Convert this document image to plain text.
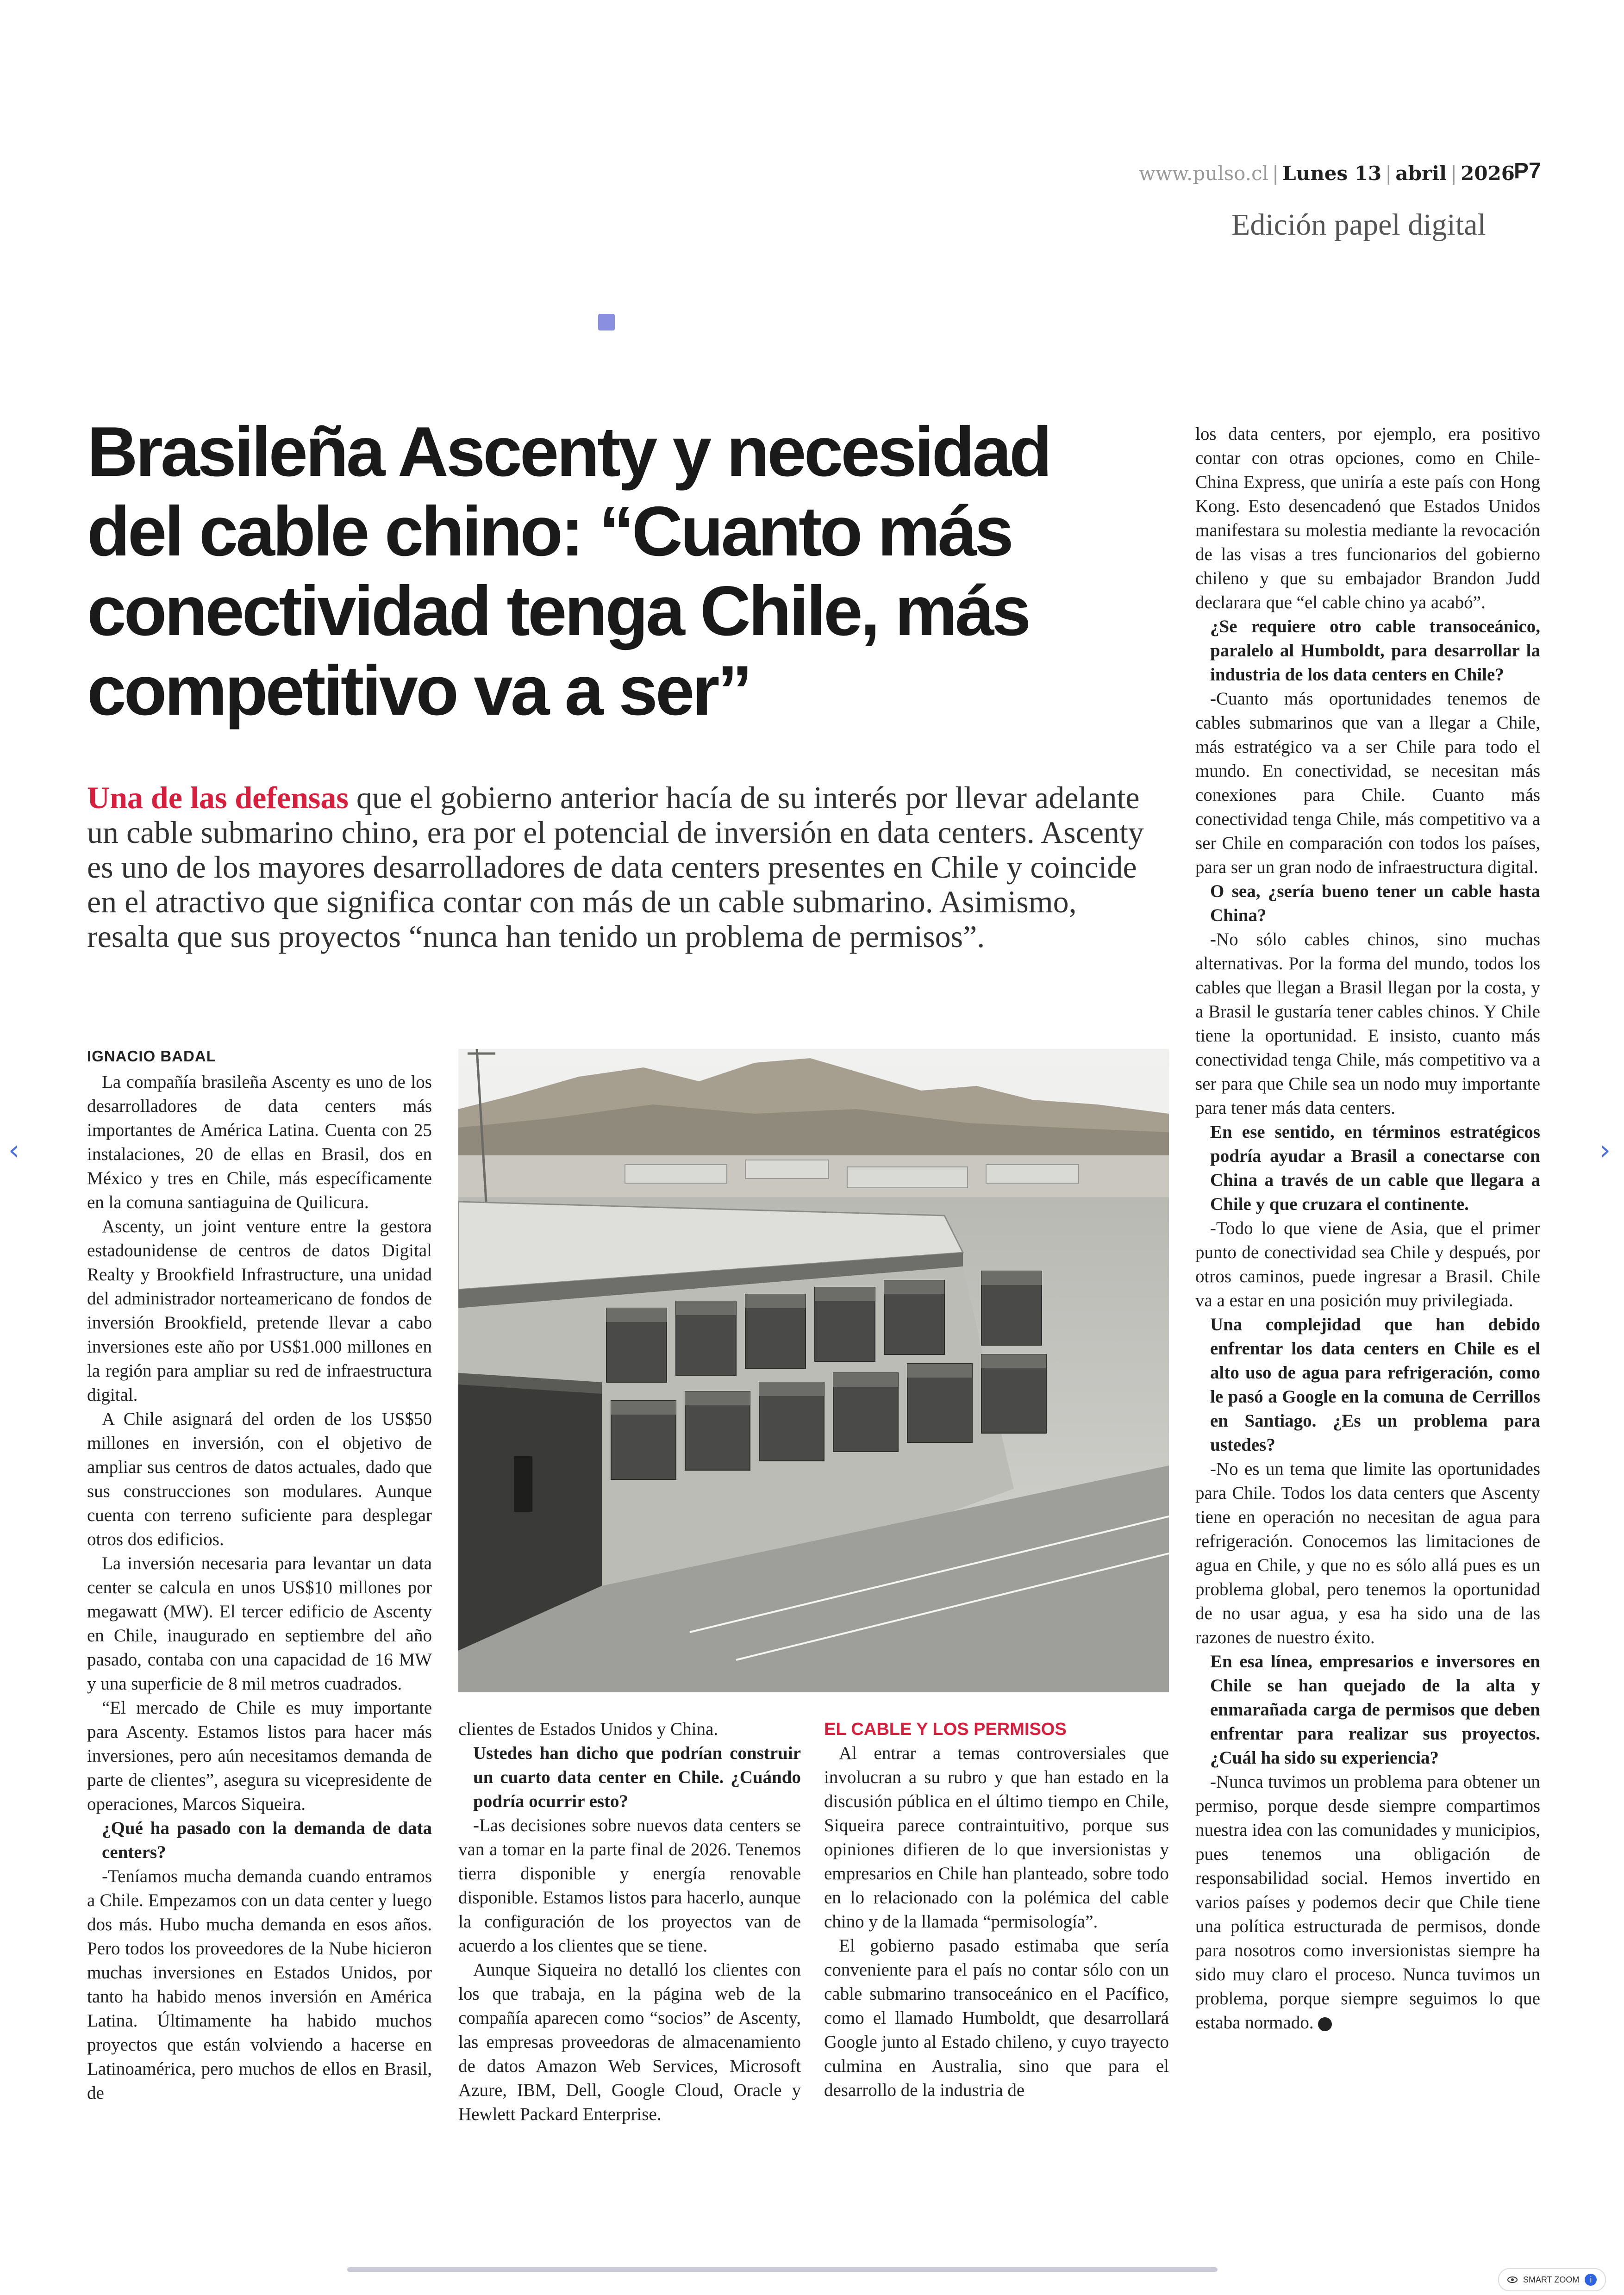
www.pulso.cl | Lunes 13 | abril | 2026
P7
Edición papel digital
Brasileña Ascenty y necesidad del cable chino: “Cuanto más conectividad tenga Chile, más competitivo va a ser”
Una de las defensas que el gobierno anterior hacía de su interés por llevar adelante un cable submarino chino, era por el potencial de inversión en data centers. Ascenty es uno de los mayores desarrolladores de data centers presentes en Chile y coincide en el atractivo que significa contar con más de un cable submarino. Asimismo, resalta que sus proyectos “nunca han tenido un problema de permisos”.
IGNACIO BADAL

La compañía brasileña Ascenty es uno de los desarrolladores de data centers más importantes de América Latina. Cuenta con 25 instalaciones, 20 de ellas en Brasil, dos en México y tres en Chile, más específicamente en la comuna santiaguina de Quilicura.

Ascenty, un joint venture entre la gestora estadounidense de centros de datos Digital Realty y Brookfield Infrastructure, una unidad del administrador norteamericano de fondos de inversión Brookfield, pretende llevar a cabo inversiones este año por US$1.000 millones en la región para ampliar su red de infraestructura digital.

A Chile asignará del orden de los US$50 millones en inversión, con el objetivo de ampliar sus centros de datos actuales, dado que sus construcciones son modulares. Aunque cuenta con terreno suficiente para desplegar otros dos edificios.

La inversión necesaria para levantar un data center se calcula en unos US$10 millones por megawatt (MW). El tercer edificio de Ascenty en Chile, inaugurado en septiembre del año pasado, contaba con una capacidad de 16 MW y una superficie de 8 mil metros cuadrados.

“El mercado de Chile es muy importante para Ascenty. Estamos listos para hacer más inversiones, pero aún necesitamos demanda de parte de clientes”, asegura su vicepresidente de operaciones, Marcos Siqueira.

¿Qué ha pasado con la demanda de data centers?

-Teníamos mucha demanda cuando entramos a Chile. Empezamos con un data center y luego dos más. Hubo mucha demanda en esos años. Pero todos los proveedores de la Nube hicieron muchas inversiones en Estados Unidos, por tanto ha habido menos inversión en América Latina. Últimamente ha habido muchos proyectos que están volviendo a hacerse en Latinoamérica, pero muchos de ellos en Brasil, de

clientes de Estados Unidos y China.

Ustedes han dicho que podrían construir un cuarto data center en Chile. ¿Cuándo podría ocurrir esto?

-Las decisiones sobre nuevos data centers se van a tomar en la parte final de 2026. Tenemos tierra disponible y energía renovable disponible. Estamos listos para hacerlo, aunque la configuración de los proyectos van de acuerdo a los clientes que se tiene.

Aunque Siqueira no detalló los clientes con los que trabaja, en la página web de la compañía aparecen como “socios” de Ascenty, las empresas proveedoras de almacenamiento de datos Amazon Web Services, Microsoft Azure, IBM, Dell, Google Cloud, Oracle y Hewlett Packard Enterprise.

EL CABLE Y LOS PERMISOS

Al entrar a temas controversiales que involucran a su rubro y que han estado en la discusión pública en el último tiempo en Chile, Siqueira parece contraintuitivo, porque sus opiniones difieren de lo que inversionistas y empresarios en Chile han planteado, sobre todo en lo relacionado con la polémica del cable chino y de la llamada “permisología”.

El gobierno pasado estimaba que sería conveniente para el país no contar sólo con un cable submarino transoceánico en el Pacífico, como el llamado Humboldt, que desarrollará Google junto al Estado chileno, y cuyo trayecto culmina en Australia, sino que para el desarrollo de la industria de

los data centers, por ejemplo, era positivo contar con otras opciones, como en Chile-China Express, que uniría a este país con Hong Kong. Esto desencadenó que Estados Unidos manifestara su molestia mediante la revocación de las visas a tres funcionarios del gobierno chileno y que su embajador Brandon Judd declarara que “el cable chino ya acabó”.

¿Se requiere otro cable transoceánico, paralelo al Humboldt, para desarrollar la industria de los data centers en Chile?

-Cuanto más oportunidades tenemos de cables submarinos que van a llegar a Chile, más estratégico va a ser Chile para todo el mundo. En conectividad, se necesitan más conexiones para Chile. Cuanto más conectividad tenga Chile, más competitivo va a ser Chile en comparación con todos los países, para ser un gran nodo de infraestructura digital.

O sea, ¿sería bueno tener un cable hasta China?

-No sólo cables chinos, sino muchas alternativas. Por la forma del mundo, todos los cables que llegan a Brasil llegan por la costa, y a Brasil le gustaría tener cables chinos. Y Chile tiene la oportunidad. E insisto, cuanto más conectividad tenga Chile, más competitivo va a ser para que Chile sea un nodo muy importante para tener más data centers.

En ese sentido, en términos estratégicos podría ayudar a Brasil a conectarse con China a través de un cable que llegara a Chile y que cruzara el continente.

-Todo lo que viene de Asia, que el primer punto de conectividad sea Chile y después, por otros caminos, puede ingresar a Brasil. Chile va a estar en una posición muy privilegiada.

Una complejidad que han debido enfrentar los data centers en Chile es el alto uso de agua para refrigeración, como le pasó a Google en la comuna de Cerrillos en Santiago. ¿Es un problema para ustedes?

-No es un tema que limite las oportunidades para Chile. Todos los data centers que Ascenty tiene en operación no necesitan de agua para refrigeración. Conocemos las limitaciones de agua en Chile, y que no es sólo allá pues es un problema global, pero tenemos la oportunidad de no usar agua, y esa ha sido una de las razones de nuestro éxito.

En esa línea, empresarios e inversores en Chile se han quejado de la alta y enmarañada carga de permisos que deben enfrentar para realizar sus proyectos. ¿Cuál ha sido su experiencia?

-Nunca tuvimos un problema para obtener un permiso, porque desde siempre compartimos nuestra idea con las comunidades y municipios, pues tenemos una obligación de responsabilidad social. Hemos invertido en varios países y podemos decir que Chile tiene una política estructurada de permisos, donde para nosotros como inversionistas siempre ha sido muy claro el proceso. Nunca tuvimos un problema, porque siempre seguimos lo que estaba normado. P

‹	›
SMART ZOOM	i
